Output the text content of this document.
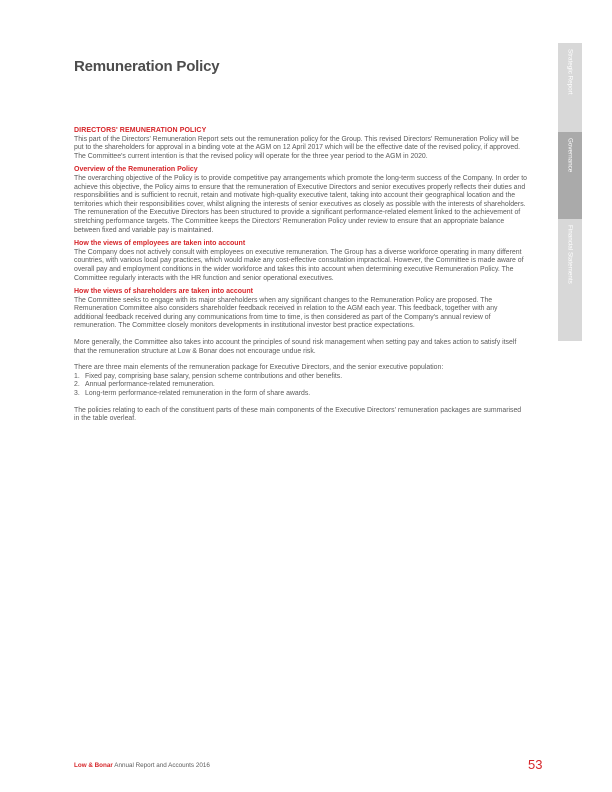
Remuneration Policy	Strategic Report
Governance
Financial Statements
DIRECTORS' REMUNERATION POLICY

This part of the Directors' Remuneration Report sets out the remuneration policy for the Group. This revised Directors' Remuneration Policy will be put to the shareholders for approval in a binding vote at the AGM on 12 April 2017 which will be the effective date of the revised policy, if approved. The Committee's current intention is that the revised policy will operate for the three year period to the AGM in 2020.

Overview of the Remuneration Policy

The overarching objective of the Policy is to provide competitive pay arrangements which promote the long-term success of the Company. In order to achieve this objective, the Policy aims to ensure that the remuneration of Executive Directors and senior executives properly reflects their duties and responsibilities and is sufficient to recruit, retain and motivate high-quality executive talent, taking into account their geographical location and the territories which their responsibilities cover, whilst aligning the interests of senior executives as closely as possible with the interests of shareholders. The remuneration of the Executive Directors has been structured to provide a significant performance-related element linked to the achievement of stretching performance targets. The Committee keeps the Directors' Remuneration Policy under review to ensure that an appropriate balance between fixed and variable pay is maintained.

How the views of employees are taken into account

The Company does not actively consult with employees on executive remuneration. The Group has a diverse workforce operating in many different countries, with various local pay practices, which would make any cost-effective consultation impractical. However, the Committee is made aware of overall pay and employment conditions in the wider workforce and takes this into account when determining executive Remuneration Policy. The Committee regularly interacts with the HR function and senior operational executives.

How the views of shareholders are taken into account

The Committee seeks to engage with its major shareholders when any significant changes to the Remuneration Policy are proposed. The Remuneration Committee also considers shareholder feedback received in relation to the AGM each year. This feedback, together with any additional feedback received during any communications from time to time, is then considered as part of the Company's annual review of remuneration. The Committee closely monitors developments in institutional investor best practice expectations.

More generally, the Committee also takes into account the principles of sound risk management when setting pay and takes action to satisfy itself that the remuneration structure at Low & Bonar does not encourage undue risk.

There are three main elements of the remuneration package for Executive Directors, and the senior executive population:

1. Fixed pay, comprising base salary, pension scheme contributions and other benefits.
2. Annual performance-related remuneration.
3. Long-term performance-related remuneration in the form of share awards.

The policies relating to each of the constituent parts of these main components of the Executive Directors' remuneration packages are summarised in the table overleaf.

Low & Bonar Annual Report and Accounts 2016	53
